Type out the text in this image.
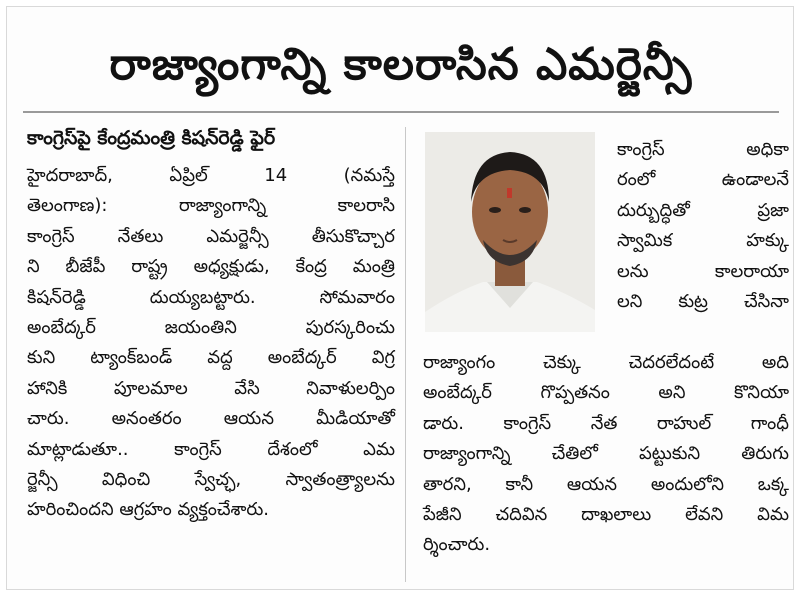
రాజ్యాంగాన్ని కాలరాసిన ఎమర్జెన్సీ
కాంగ్రెస్‌పై కేంద్రమంత్రి కిషన్‌రెడ్డి ఫైర్
హైదరాబాద్, ఏప్రిల్ 14 (నమస్తే
తెలంగాణ): రాజ్యాంగాన్ని కాలరాసి
కాంగ్రెస్ నేతలు ఎమర్జెన్సీ తీసుకొచ్చార
ని బీజేపీ రాష్ట్ర అధ్యక్షుడు, కేంద్ర మంత్రి
కిషన్‌రెడ్డి దుయ్యబట్టారు. సోమవారం
అంబేద్కర్ జయంతిని పురస్కరించు
కుని ట్యాంక్‌బండ్ వద్ద అంబేద్కర్ విగ్ర
హానికి పూలమాల వేసి నివాళులర్పిం
చారు. అనంతరం ఆయన మీడియాతో
మాట్లాడుతూ.. కాంగ్రెస్ దేశంలో ఎమ
ర్జెన్సీ విధించి స్వేచ్ఛ, స్వాతంత్ర్యాలను
హరించిందని ఆగ్రహం వ్యక్తంచేశారు.
కాంగ్రెస్ అధికా
రంలో ఉండాలనే
దుర్బుద్ధితో ప్రజా
స్వామిక హక్కు
లను కాలరాయా
లని కుట్ర చేసినా
రాజ్యాంగం చెక్కు చెదరలేదంటే అది
అంబేద్కర్ గొప్పతనం అని కొనియా
డారు. కాంగ్రెస్ నేత రాహుల్ గాంధీ
రాజ్యాంగాన్ని చేతిలో పట్టుకుని తిరుగు
తారని, కానీ ఆయన అందులోని ఒక్క
పేజీని చదివిన దాఖలాలు లేవని విమ
ర్శించారు.
